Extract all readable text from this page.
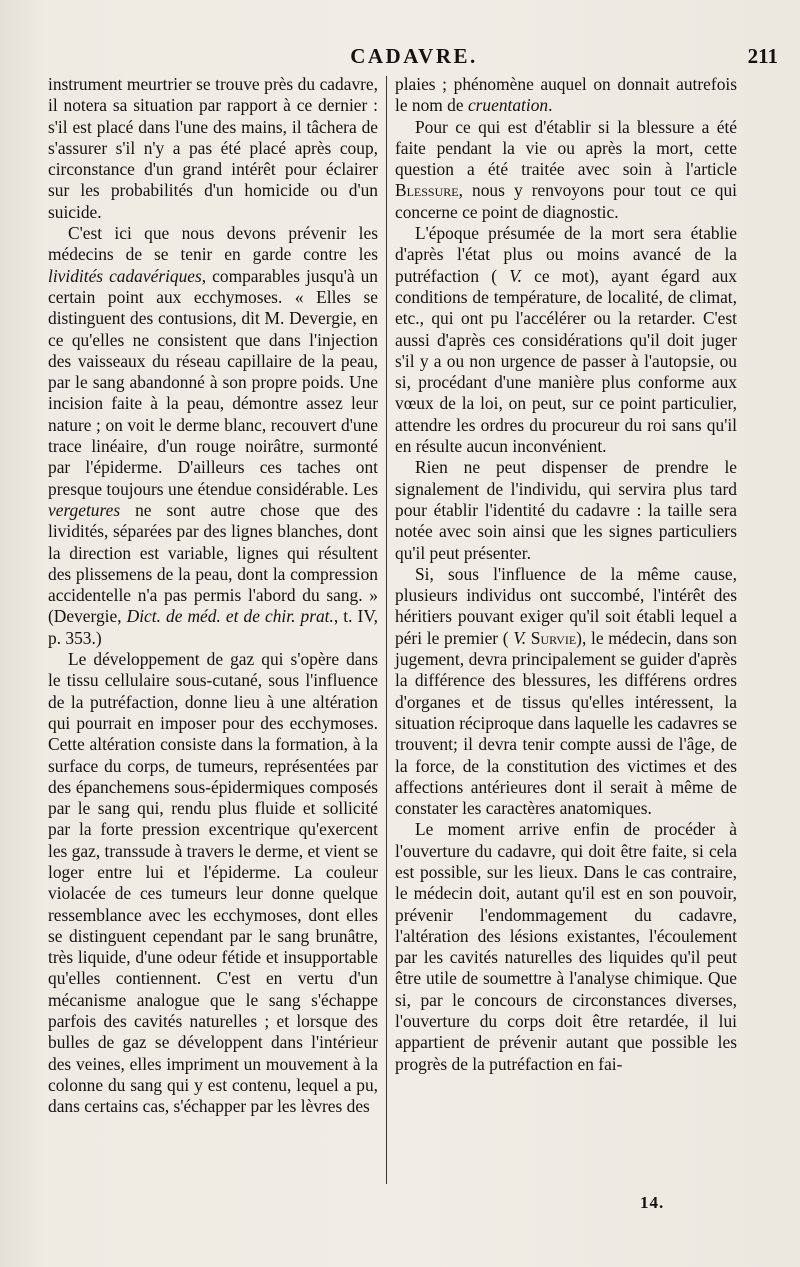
CADAVRE.	211

instrument meurtrier se trouve près du cadavre, il notera sa situation par rapport à ce dernier : s'il est placé dans l'une des mains, il tâchera de s'assurer s'il n'y a pas été placé après coup, circonstance d'un grand intérêt pour éclairer sur les probabilités d'un homicide ou d'un suicide.

C'est ici que nous devons prévenir les médecins de se tenir en garde contre les lividités cadavériques, comparables jusqu'à un certain point aux ecchymoses. « Elles se distinguent des contusions, dit M. Devergie, en ce qu'elles ne consistent que dans l'injection des vaisseaux du réseau capillaire de la peau, par le sang abandonné à son propre poids. Une incision faite à la peau, démontre assez leur nature ; on voit le derme blanc, recouvert d'une trace linéaire, d'un rouge noirâtre, surmonté par l'épiderme. D'ailleurs ces taches ont presque toujours une étendue considérable. Les vergetures ne sont autre chose que des lividités, séparées par des lignes blanches, dont la direction est variable, lignes qui résultent des plissemens de la peau, dont la compression accidentelle n'a pas permis l'abord du sang. » (Devergie, Dict. de méd. et de chir. prat., t. IV, p. 353.)

Le développement de gaz qui s'opère dans le tissu cellulaire sous-cutané, sous l'influence de la putréfaction, donne lieu à une altération qui pourrait en imposer pour des ecchymoses. Cette altération consiste dans la formation, à la surface du corps, de tumeurs, représentées par des épanchemens sous-épidermiques composés par le sang qui, rendu plus fluide et sollicité par la forte pression excentrique qu'exercent les gaz, transsude à travers le derme, et vient se loger entre lui et l'épiderme. La couleur violacée de ces tumeurs leur donne quelque ressemblance avec les ecchymoses, dont elles se distinguent cependant par le sang brunâtre, très liquide, d'une odeur fétide et insupportable qu'elles contiennent. C'est en vertu d'un mécanisme analogue que le sang s'échappe parfois des cavités naturelles ; et lorsque des bulles de gaz se développent dans l'intérieur des veines, elles impriment un mouvement à la colonne du sang qui y est contenu, lequel a pu, dans certains cas, s'échapper par les lèvres des

plaies ; phénomène auquel on donnait autrefois le nom de cruentation.

Pour ce qui est d'établir si la blessure a été faite pendant la vie ou après la mort, cette question a été traitée avec soin à l'article Blessure, nous y renvoyons pour tout ce qui concerne ce point de diagnostic.

L'époque présumée de la mort sera établie d'après l'état plus ou moins avancé de la putréfaction ( V. ce mot), ayant égard aux conditions de température, de localité, de climat, etc., qui ont pu l'accélérer ou la retarder. C'est aussi d'après ces considérations qu'il doit juger s'il y a ou non urgence de passer à l'autopsie, ou si, procédant d'une manière plus conforme aux vœux de la loi, on peut, sur ce point particulier, attendre les ordres du procureur du roi sans qu'il en résulte aucun inconvénient.

Rien ne peut dispenser de prendre le signalement de l'individu, qui servira plus tard pour établir l'identité du cadavre : la taille sera notée avec soin ainsi que les signes particuliers qu'il peut présenter.

Si, sous l'influence de la même cause, plusieurs individus ont succombé, l'intérêt des héritiers pouvant exiger qu'il soit établi lequel a péri le premier ( V. Survie), le médecin, dans son jugement, devra principalement se guider d'après la différence des blessures, les différens ordres d'organes et de tissus qu'elles intéressent, la situation réciproque dans laquelle les cadavres se trouvent; il devra tenir compte aussi de l'âge, de la force, de la constitution des victimes et des affections antérieures dont il serait à même de constater les caractères anatomiques.

Le moment arrive enfin de procéder à l'ouverture du cadavre, qui doit être faite, si cela est possible, sur les lieux. Dans le cas contraire, le médecin doit, autant qu'il est en son pouvoir, prévenir l'endommagement du cadavre, l'altération des lésions existantes, l'écoulement par les cavités naturelles des liquides qu'il peut être utile de soumettre à l'analyse chimique. Que si, par le concours de circonstances diverses, l'ouverture du corps doit être retardée, il lui appartient de prévenir autant que possible les progrès de la putréfaction en fai-

14.
